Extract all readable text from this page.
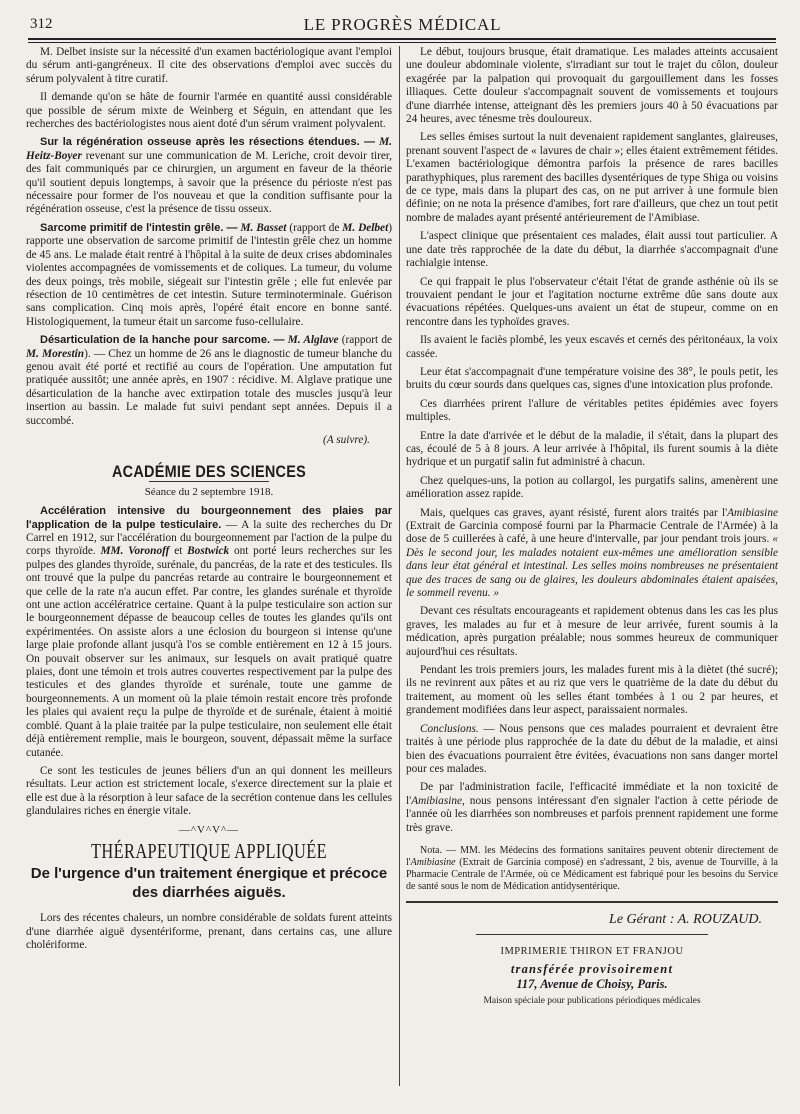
312	LE PROGRÈS MÉDICAL

M. Delbet insiste sur la nécessité d'un examen bactériologique avant l'emploi du sérum anti-gangréneux. Il cite des observations d'emploi avec succès du sérum polyvalent à titre curatif.

Il demande qu'on se hâte de fournir l'armée en quantité aussi considérable que possible de sérum mixte de Weinberg et Séguin, en attendant que les recherches des bactériologistes nous aient doté d'un sérum vraiment polyvalent.

Sur la régénération osseuse après les résections étendues. — M. Heitz-Boyer revenant sur une communication de M. Leriche, croit devoir tirer, des fait communiqués par ce chirurgien, un argument en faveur de la théorie qu'il soutient depuis longtemps, à savoir que la présence du périoste n'est pas nécessaire pour former de l'os nouveau et que la condition suffisante pour la régénération osseuse, c'est la présence de tissu osseux.

Sarcome primitif de l'intestin grêle. — M. Basset (rapport de M. Delbet) rapporte une observation de sarcome primitif de l'intestin grêle chez un homme de 45 ans. Le malade était rentré à l'hôpital à la suite de deux crises abdominales violentes accompagnées de vomissements et de coliques. La tumeur, du volume des deux poings, très mobile, siégeait sur l'intestin grêle ; elle fut enlevée par résection de 10 centimètres de cet intestin. Suture terminoterminale. Guérison sans complication. Cinq mois après, l'opéré était encore en bonne santé. Histologiquement, la tumeur était un sarcome fuso-cellulaire.

Désarticulation de la hanche pour sarcome. — M. Alglave (rapport de M. Morestin). — Chez un homme de 26 ans le diagnostic de tumeur blanche du genou avait été porté et rectifié au cours de l'opération. Une amputation fut pratiquée aussitôt; une année après, en 1907 : récidive. M. Alglave pratique une désarticulation de la hanche avec extirpation totale des muscles jusqu'à leur insertion au bassin. Le malade fut suivi pendant sept années. Depuis il a succombé.

(A suivre).

ACADÉMIE DES SCIENCES
Séance du 2 septembre 1918.

Accélération intensive du bourgeonnement des plaies par l'application de la pulpe testiculaire. — A la suite des recherches du Dr Carrel en 1912, sur l'accélération du bourgeonnement par l'action de la pulpe du corps thyroïde. MM. Voronoff et Bostwick ont porté leurs recherches sur les pulpes des glandes thyroïde, surénale, du pancréas, de la rate et des testicules. Ils ont trouvé que la pulpe du pancréas retarde au contraire le bourgeonnement et que celle de la rate n'a aucun effet. Par contre, les glandes surénale et thyroïde ont une action accélératrice certaine. Quant à la pulpe testiculaire son action sur le bourgeonnement dépasse de beaucoup celles de toutes les glandes qu'ils ont expérimentées. On assiste alors a une éclosion du bourgeon si intense qu'une large plaie profonde allant jusqu'à l'os se comble entièrement en 12 à 15 jours. On pouvait observer sur les animaux, sur lesquels on avait pratiqué quatre plaies, dont une témoin et trois autres couvertes respectivement par la pulpe des testicules et des glandes thyroïde et surénale, toute une gamme de bourgeonnements. A un moment où la plaie témoin restait encore très profonde les plaies qui avaient reçu la pulpe de thyroïde et de surénale, étaient à moitié comblé. Quant à la plaie traitée par la pulpe testiculaire, non seulement elle était déjà entièrement remplie, mais le bourgeon, souvent, dépassait même la surface cutanée.

Ce sont les testicules de jeunes béliers d'un an qui donnent les meilleurs résultats. Leur action est strictement locale, s'exerce directement sur la plaie et elle est due à la résorption à leur saface de la secrétion contenue dans les cellules glandulaires riches en énergie vitale.

—^V^V^—
THÉRAPEUTIQUE APPLIQUÉE
De l'urgence d'un traitement énergique et précoce des diarrhées aiguës.

Lors des récentes chaleurs, un nombre considérable de soldats furent atteints d'une diarrhée aiguë dysentériforme, prenant, dans certains cas, une allure cholériforme.

Le début, toujours brusque, était dramatique. Les malades atteints accusaient une douleur abdominale violente, s'irradiant sur tout le trajet du côlon, douleur exagérée par la palpation qui provoquait du gargouillement dans les fosses illiaques. Cette douleur s'accompagnait souvent de vomissements et toujours d'une diarrhée intense, atteignant dès les premiers jours 40 à 50 évacuations par 24 heures, avec ténesme très douloureux.

Les selles émises surtout la nuit devenaient rapidement sanglantes, glaireuses, prenant souvent l'aspect de « lavures de chair »; elles étaient extrêmement fétides. L'examen bactériologique démontra parfois la présence de rares bacilles parathyphiques, plus rarement des bacilles dysentériques de type Shiga ou voisins de ce type, mais dans la plupart des cas, on ne put arriver à une formule bien définie; on ne nota la présence d'amibes, fort rare d'ailleurs, que chez un tout petit nombre de malades ayant présenté antérieurement de l'Amibiase.

L'aspect clinique que présentaient ces malades, élait aussi tout particulier. A une date très rapprochée de la date du début, la diarrhée s'accompagnait d'une rachialgie intense.

Ce qui frappait le plus l'observateur c'était l'état de grande asthénie où ils se trouvaient pendant le jour et l'agitation nocturne extrême dûe sans doute aux évacuations répétées. Quelques-uns avaient un état de stupeur, comme on en rencontre dans les typhoïdes graves.

Ils avaient le faciès plombé, les yeux escavés et cernés des péritonéaux, la voix cassée.

Leur état s'accompagnait d'une température voisine des 38°, le pouls petit, les bruits du cœur sourds dans quelques cas, signes d'une intoxication plus profonde.

Ces diarrhées prirent l'allure de véritables petites épidémies avec foyers multiples.

Entre la date d'arrivée et le début de la maladie, il s'était, dans la plupart des cas, écoulé de 5 à 8 jours. A leur arrivée à l'hôpital, ils furent soumis à la diète hydrique et un purgatif salin fut administré à chacun.

Chez quelques-uns, la potion au collargol, les purgatifs salins, amenèrent une amélioration assez rapide.

Mais, quelques cas graves, ayant résisté, furent alors traités par l'Amibiasine (Extrait de Garcinia composé fourni par la Pharmacie Centrale de l'Armée) à la dose de 5 cuillerées à café, à une heure d'intervalle, par jour pendant trois jours. « Dès le second jour, les malades notaient eux-mêmes une amélioration sensible dans leur état général et intestinal. Les selles moins nombreuses ne présentaient que des traces de sang ou de glaires, les douleurs abdominales étaient apaisées, le sommeil revenu. »

Devant ces résultats encourageants et rapidement obtenus dans les cas les plus graves, les malades au fur et à mesure de leur arrivée, furent soumis à la médication, après purgation préalable; nous sommes heureux de communiquer aujourd'hui ces résultats.

Pendant les trois premiers jours, les malades furent mis à la diètet (thé sucré); ils ne revinrent aux pâtes et au riz que vers le quatrième de la date du début du traitement, au moment où les selles étant tombées à 1 ou 2 par heures, et grandement modifiées dans leur aspect, paraissaient normales.

Conclusions. — Nous pensons que ces malades pourraient et devraient être traités à une période plus rapprochée de la date du début de la maladie, et ainsi bien des évacuations pourraient être évitées, évacuations non sans danger mortel pour ces malades.

De par l'administration facile, l'efficacité immédiate et la non toxicité de l'Amibiasine, nous pensons intéressant d'en signaler l'action à cette période de l'année où les diarrhées son nombreuses et parfois prennent rapidement une forme très grave.

Nota. — MM. les Médecins des formations sanitaires peuvent obtenir directement de l'Amibiasine (Extrait de Garcinia composé) en s'adressant, 2 bis, avenue de Tourville, à la Pharmacie Centrale de l'Armée, où ce Médicament est fabriqué pour les besoins du Service de santé sous le nom de Médication antidysentérique.

Le Gérant : A. ROUZAUD.
IMPRIMERIE THIRON ET FRANJOU
transférée provisoirement
117, Avenue de Choisy, Paris.
Maison spéciale pour publications périodiques médicales
